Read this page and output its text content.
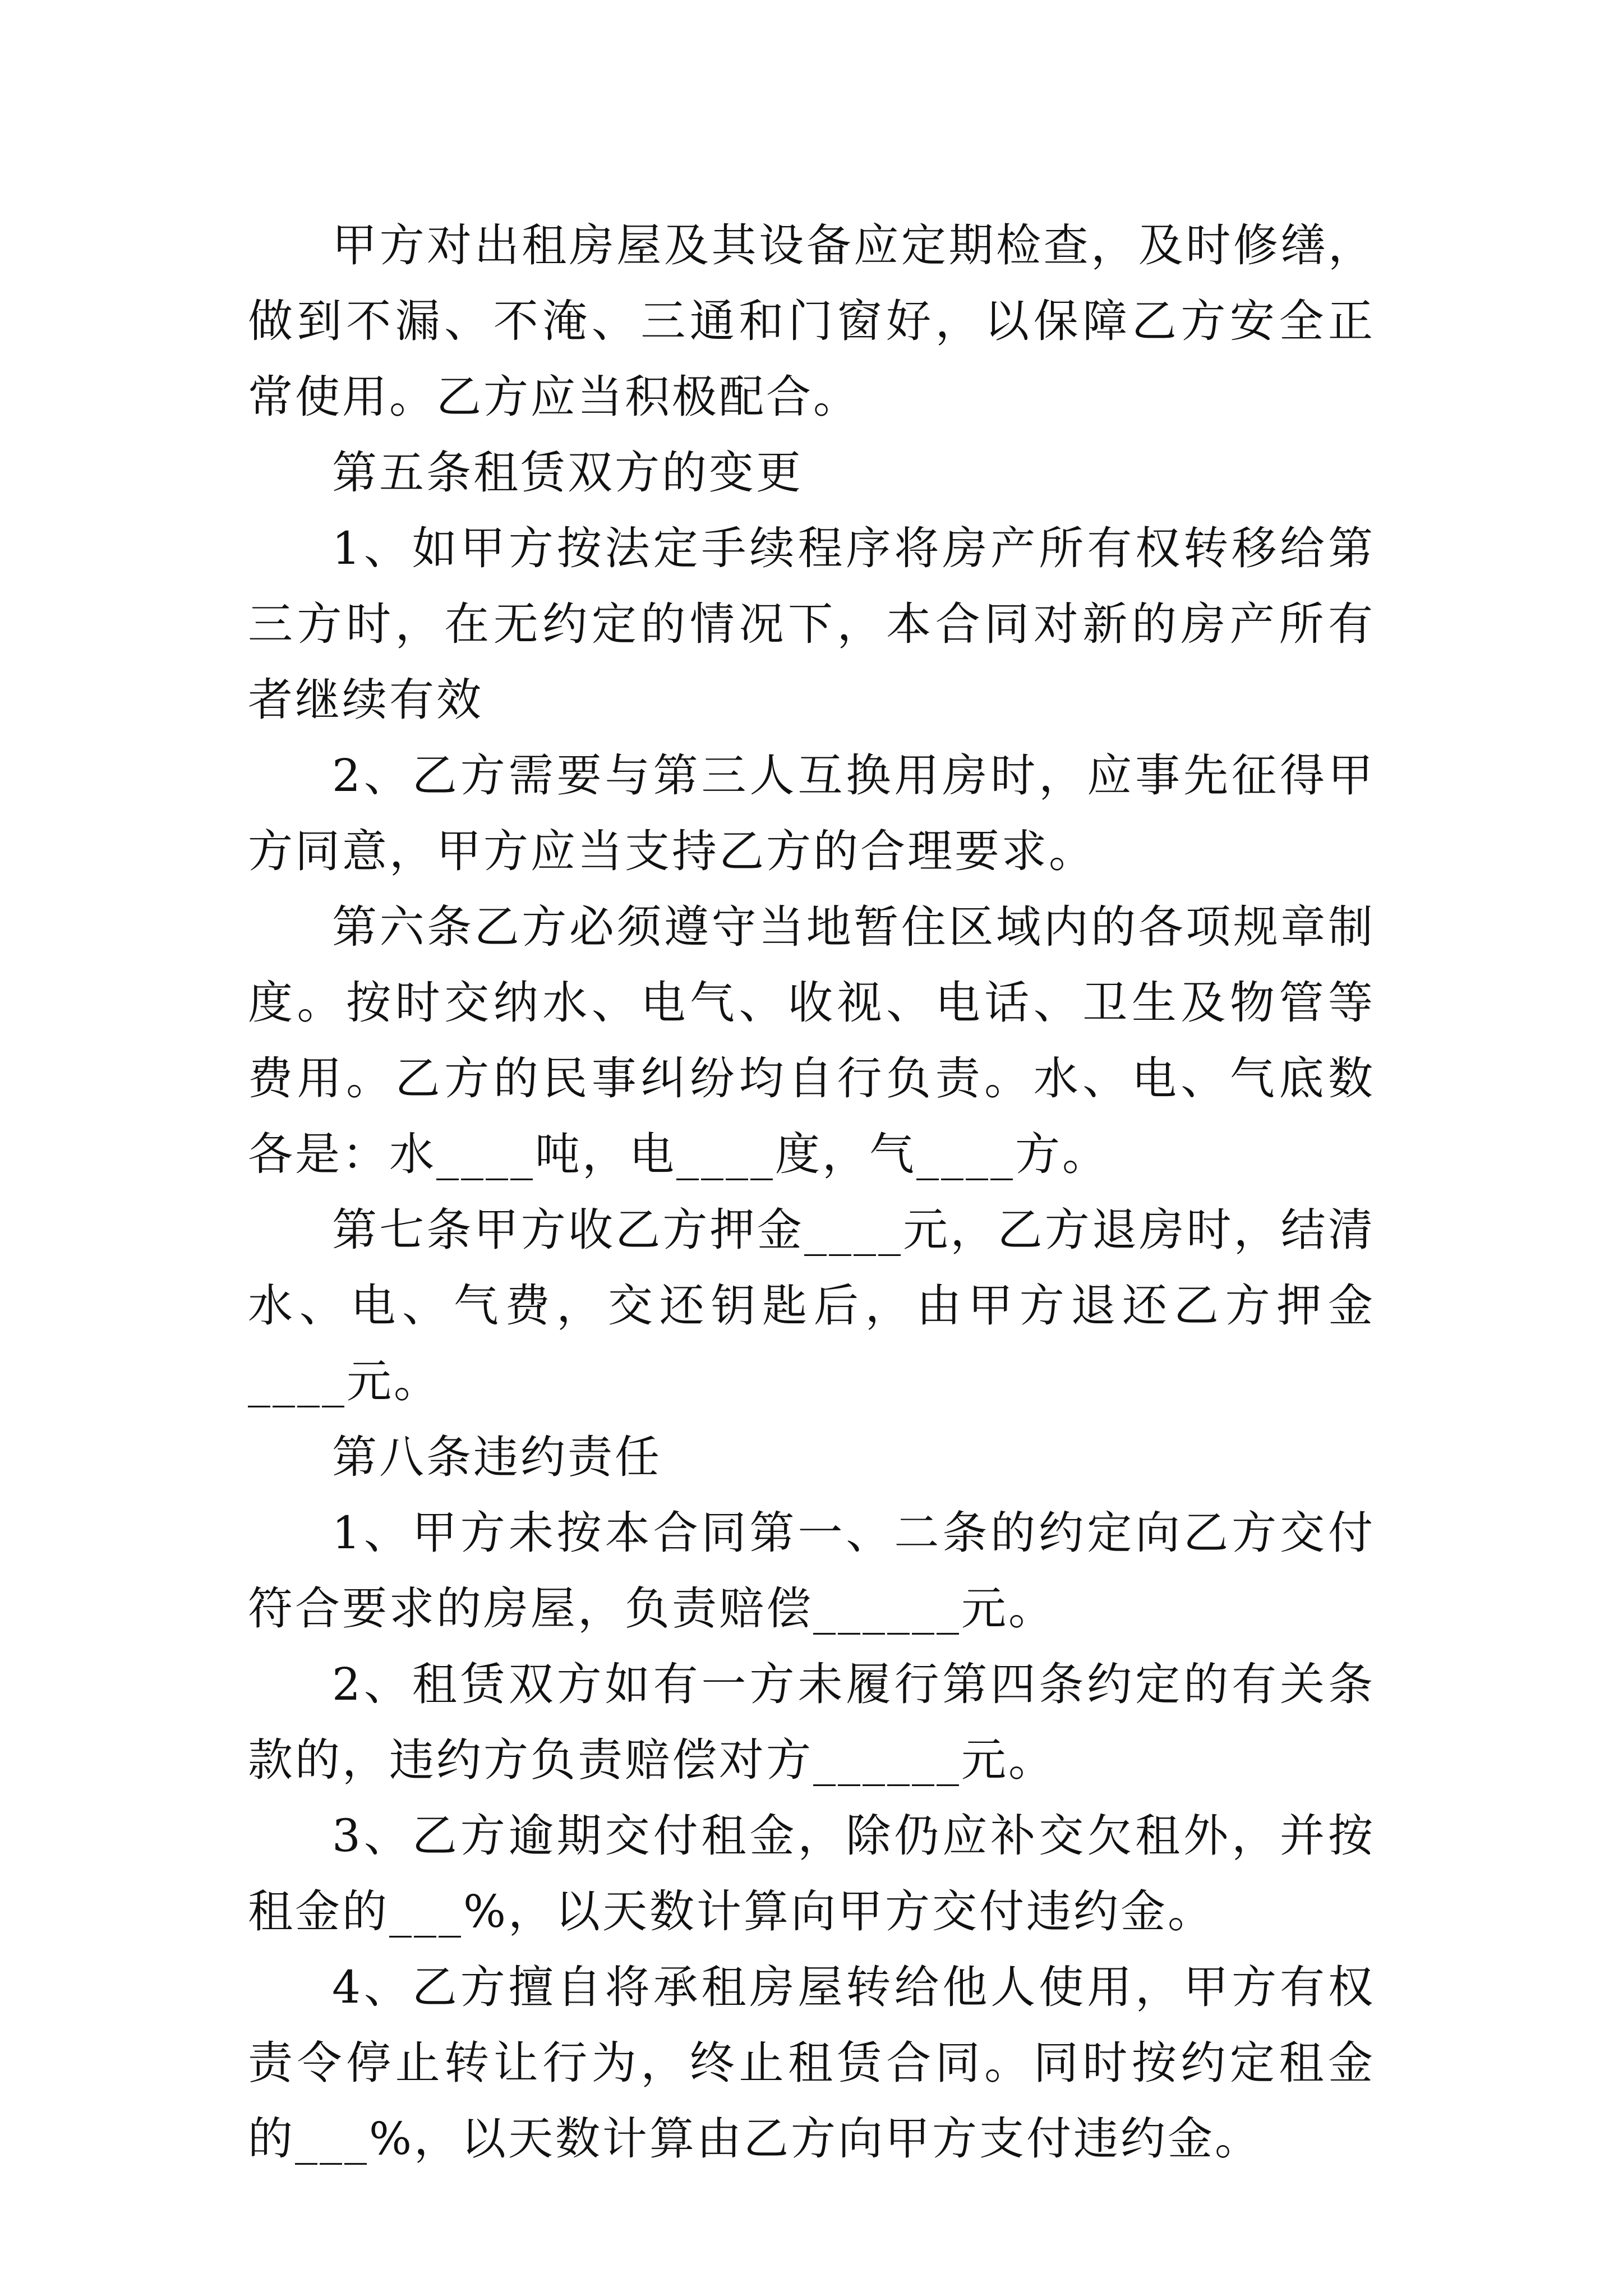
甲方对出租房屋及其设备应定期检查，及时修缮，做到不漏、不淹、三通和门窗好，以保障乙方安全正常使用。乙方应当积极配合。

第五条租赁双方的变更

1、如甲方按法定手续程序将房产所有权转移给第三方时，在无约定的情况下，本合同对新的房产所有者继续有效

2、乙方需要与第三人互换用房时，应事先征得甲方同意，甲方应当支持乙方的合理要求。

第六条乙方必须遵守当地暂住区域内的各项规章制度。按时交纳水、电气、收视、电话、卫生及物管等费用。乙方的民事纠纷均自行负责。水、电、气底数各是：水____吨，电____度，气____方。

第七条甲方收乙方押金____元，乙方退房时，结清水、电、气费，交还钥匙后，由甲方退还乙方押金____元。

第八条违约责任

1、甲方未按本合同第一、二条的约定向乙方交付符合要求的房屋，负责赔偿______元。

2、租赁双方如有一方未履行第四条约定的有关条款的，违约方负责赔偿对方______元。

3、乙方逾期交付租金，除仍应补交欠租外，并按租金的___%，以天数计算向甲方交付违约金。

4、乙方擅自将承租房屋转给他人使用，甲方有权责令停止转让行为，终止租赁合同。同时按约定租金的___%，以天数计算由乙方向甲方支付违约金。
